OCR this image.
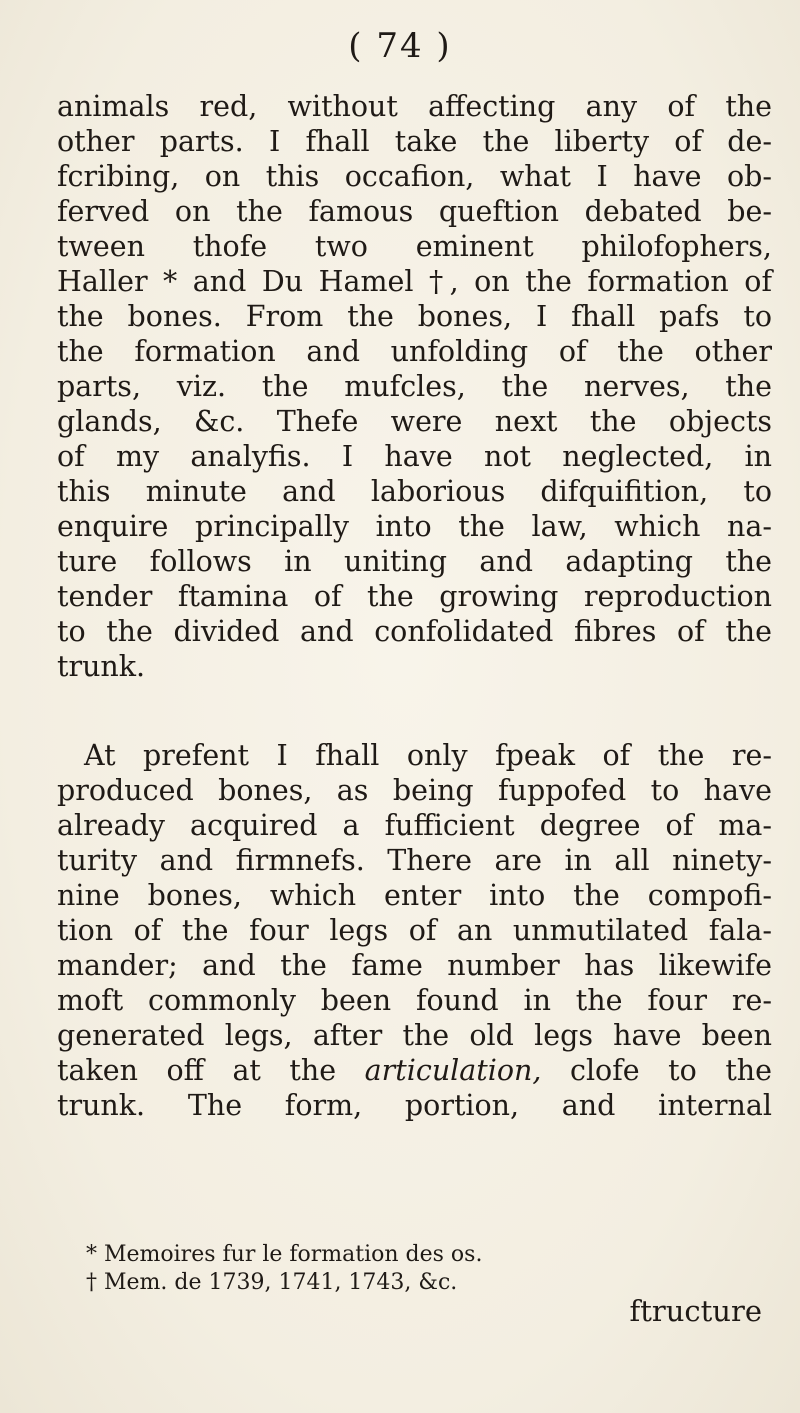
( 74 )
animals red, without affecting any of the
other parts. I fhall take the liberty of de-
fcribing, on this occafion, what I have ob-
ferved on the famous queftion debated be-
tween thofe two eminent philofophers,
Haller * and Du Hamel †, on the formation of
the bones. From the bones, I fhall pafs to
the formation and unfolding of the other
parts, viz. the mufcles, the nerves, the
glands, &c. Thefe were next the objects
of my analyfis. I have not neglected, in
this minute and laborious difquifition, to
enquire principally into the law, which na-
ture follows in uniting and adapting the
tender ftamina of the growing reproduction
to the divided and confolidated fibres of the
trunk.
At prefent I fhall only fpeak of the re-
produced bones, as being fuppofed to have
already acquired a fufficient degree of ma-
turity and firmnefs. There are in all ninety-
nine bones, which enter into the compofi-
tion of the four legs of an unmutilated fala-
mander; and the fame number has likewife
moft commonly been found in the four re-
generated legs, after the old legs have been
taken off at the articulation, clofe to the
trunk. The form, portion, and internal
* Memoires fur le formation des os.
† Mem. de 1739, 1741, 1743, &c.
ftructure
